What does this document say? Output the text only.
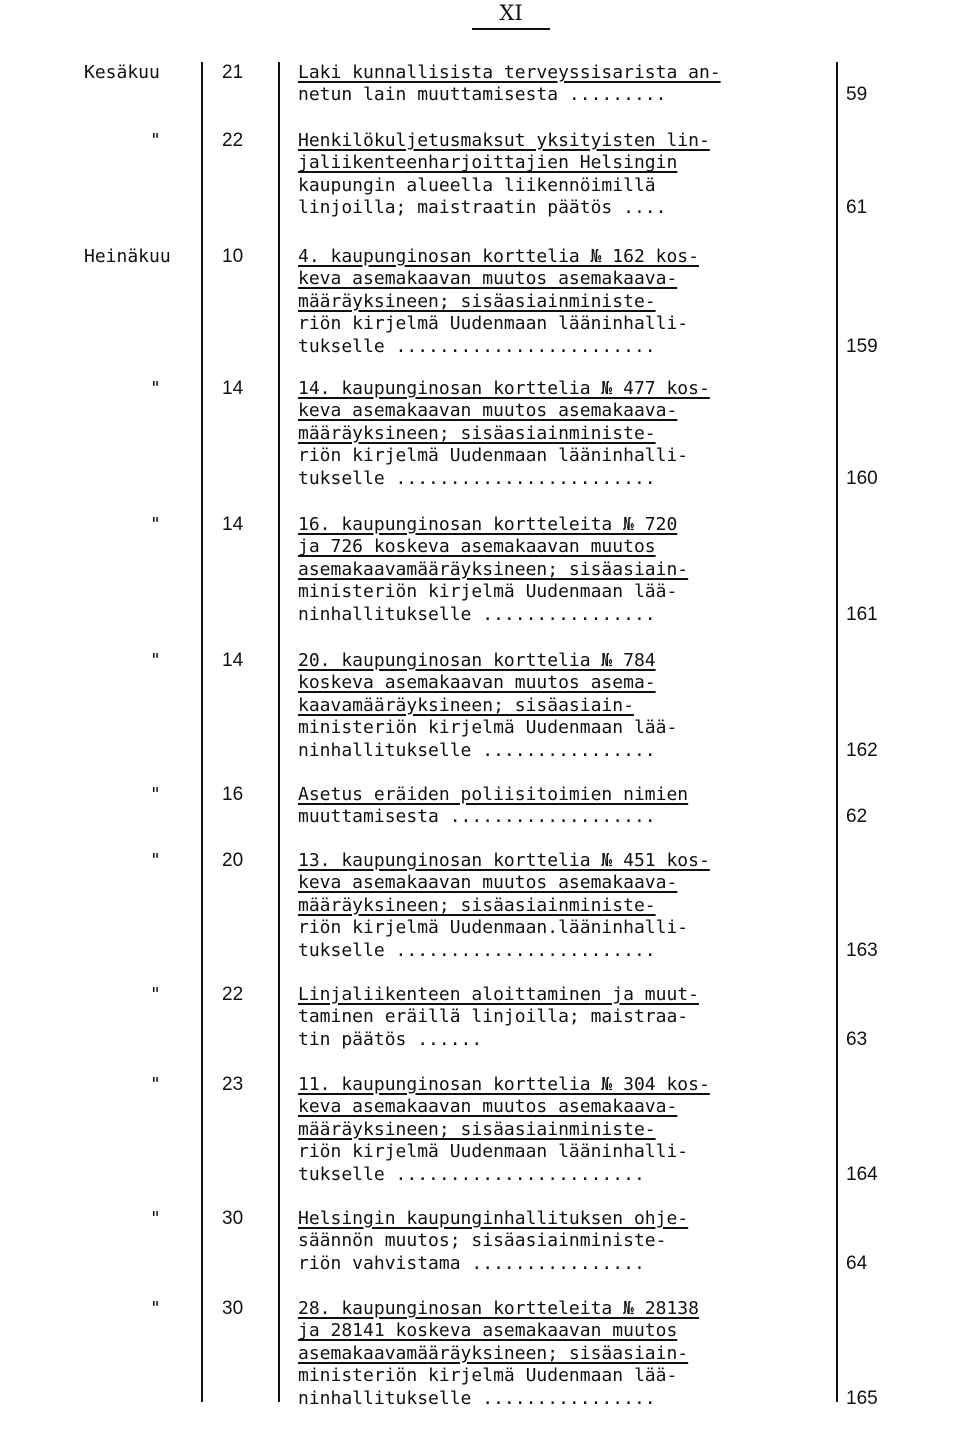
XI
Kesäkuu	21	Laki kunnallisista terveyssisarista an-
netun lain muuttamisesta .........	59
"	22	Henkilökuljetusmaksut yksityisten lin-
jaliikenteenharjoittajien Helsingin
kaupungin alueella liikennöimillä
linjoilla; maistraatin päätös ....	61
Heinäkuu	10	4. kaupunginosan korttelia № 162 kos-
keva asemakaavan muutos asemakaava-
määräyksineen; sisäasiainministe-
riön kirjelmä Uudenmaan lääninhalli-
tukselle ........................	159
"	14	14. kaupunginosan korttelia № 477 kos-
keva asemakaavan muutos asemakaava-
määräyksineen; sisäasiainministe-
riön kirjelmä Uudenmaan lääninhalli-
tukselle ........................	160
"	14	16. kaupunginosan kortteleita № 720
ja 726 koskeva asemakaavan muutos
asemakaavamääräyksineen; sisäasiain-
ministeriön kirjelmä Uudenmaan lää-
ninhallitukselle ................	161
"	14	20. kaupunginosan korttelia № 784
koskeva asemakaavan muutos asema-
kaavamääräyksineen; sisäasiain-
ministeriön kirjelmä Uudenmaan lää-
ninhallitukselle ................	162
"	16	Asetus eräiden poliisitoimien nimien
muuttamisesta ...................	62
"	20	13. kaupunginosan korttelia № 451 kos-
keva asemakaavan muutos asemakaava-
määräyksineen; sisäasiainministe-
riön kirjelmä Uudenmaan.lääninhalli-
tukselle ........................	163
"	22	Linjaliikenteen aloittaminen ja muut-
taminen eräillä linjoilla; maistraa-
tin päätös ......	63
"	23	11. kaupunginosan korttelia № 304 kos-
keva asemakaavan muutos asemakaava-
määräyksineen; sisäasiainministe-
riön kirjelmä Uudenmaan lääninhalli-
tukselle .......................	164
"	30	Helsingin kaupunginhallituksen ohje-
säännön muutos; sisäasiainministe-
riön vahvistama ................	64
"	30	28. kaupunginosan kortteleita № 28138
ja 28141 koskeva asemakaavan muutos
asemakaavamääräyksineen; sisäasiain-
ministeriön kirjelmä Uudenmaan lää-
ninhallitukselle ................	165
